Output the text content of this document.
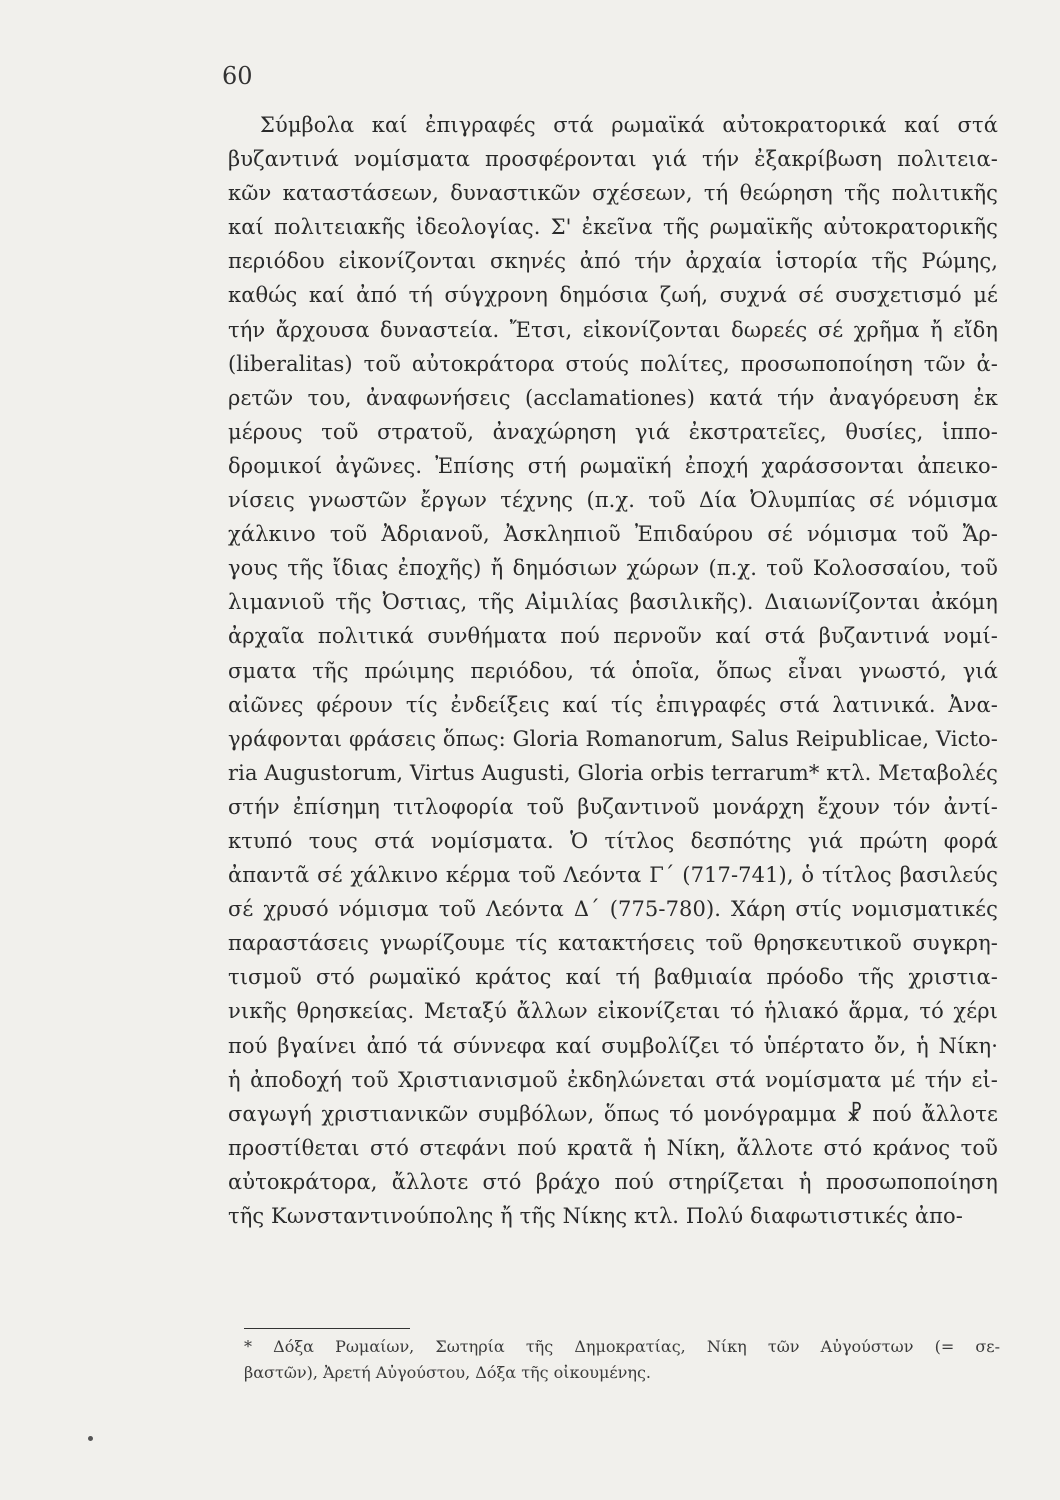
60
Σύμβολα καί ἐπιγραφές στά ρωμαϊκά αὐτοκρατορικά καί στά
βυζαντινά νομίσματα προσφέρονται γιά τήν ἐξακρίβωση πολιτεια-
κῶν καταστάσεων, δυναστικῶν σχέσεων, τή θεώρηση τῆς πολιτικῆς
καί πολιτειακῆς ἰδεολογίας. Σ' ἐκεῖνα τῆς ρωμαϊκῆς αὐτοκρατορικῆς
περιόδου εἰκονίζονται σκηνές ἀπό τήν ἀρχαία ἱστορία τῆς Ρώμης,
καθώς καί ἀπό τή σύγχρονη δημόσια ζωή, συχνά σέ συσχετισμό μέ
τήν ἄρχουσα δυναστεία. Ἔτσι, εἰκονίζονται δωρεές σέ χρῆμα ἤ εἴδη
(liberalitas) τοῦ αὐτοκράτορα στούς πολίτες, προσωποποίηση τῶν ἀ-
ρετῶν του, ἀναφωνήσεις (acclamationes) κατά τήν ἀναγόρευση ἐκ
μέρους τοῦ στρατοῦ, ἀναχώρηση γιά ἐκστρατεῖες, θυσίες, ἱππο-
δρομικοί ἀγῶνες. Ἐπίσης στή ρωμαϊκή ἐποχή χαράσσονται ἀπεικο-
νίσεις γνωστῶν ἔργων τέχνης (π.χ. τοῦ Δία Ὀλυμπίας σέ νόμισμα
χάλκινο τοῦ Ἀδριανοῦ, Ἀσκληπιοῦ Ἐπιδαύρου σέ νόμισμα τοῦ Ἄρ-
γους τῆς ἴδιας ἐποχῆς) ἤ δημόσιων χώρων (π.χ. τοῦ Κολοσσαίου, τοῦ
λιμανιοῦ τῆς Ὀστιας, τῆς Αἰμιλίας βασιλικῆς). Διαιωνίζονται ἀκόμη
ἀρχαῖα πολιτικά συνθήματα πού περνοῦν καί στά βυζαντινά νομί-
σματα τῆς πρώιμης περιόδου, τά ὁποῖα, ὅπως εἶναι γνωστό, γιά
αἰῶνες φέρουν τίς ἐνδείξεις καί τίς ἐπιγραφές στά λατινικά. Ἀνα-
γράφονται φράσεις ὅπως: Gloria Romanorum, Salus Reipublicae, Victo-
ria Augustorum, Virtus Augusti, Gloria orbis terrarum* κτλ. Μεταβολές
στήν ἐπίσημη τιτλοφορία τοῦ βυζαντινοῦ μονάρχη ἔχουν τόν ἀντί-
κτυπό τους στά νομίσματα. Ὁ τίτλος δεσπότης γιά πρώτη φορά
ἀπαντᾶ σέ χάλκινο κέρμα τοῦ Λεόντα Γ΄ (717-741), ὁ τίτλος βασιλεύς
σέ χρυσό νόμισμα τοῦ Λεόντα Δ΄ (775-780). Χάρη στίς νομισματικές
παραστάσεις γνωρίζουμε τίς κατακτήσεις τοῦ θρησκευτικοῦ συγκρη-
τισμοῦ στό ρωμαϊκό κράτος καί τή βαθμιαία πρόοδο τῆς χριστια-
νικῆς θρησκείας. Μεταξύ ἄλλων εἰκονίζεται τό ἡλιακό ἅρμα, τό χέρι
πού βγαίνει ἀπό τά σύννεφα καί συμβολίζει τό ὑπέρτατο ὄν, ἡ Νίκη·
ἡ ἀποδοχή τοῦ Χριστιανισμοῦ ἐκδηλώνεται στά νομίσματα μέ τήν εἰ-
σαγωγή χριστιανικῶν συμβόλων, ὅπως τό μονόγραμμα ☧ πού ἄλλοτε
προστίθεται στό στεφάνι πού κρατᾶ ἡ Νίκη, ἄλλοτε στό κράνος τοῦ
αὐτοκράτορα, ἄλλοτε στό βράχο πού στηρίζεται ἡ προσωποποίηση
τῆς Κωνσταντινούπολης ἤ τῆς Νίκης κτλ. Πολύ διαφωτιστικές ἀπο-
* Δόξα Ρωμαίων, Σωτηρία τῆς Δημοκρατίας, Νίκη τῶν Αὐγούστων (= σε-
βαστῶν), Ἀρετή Αὐγούστου, Δόξα τῆς οἰκουμένης.
